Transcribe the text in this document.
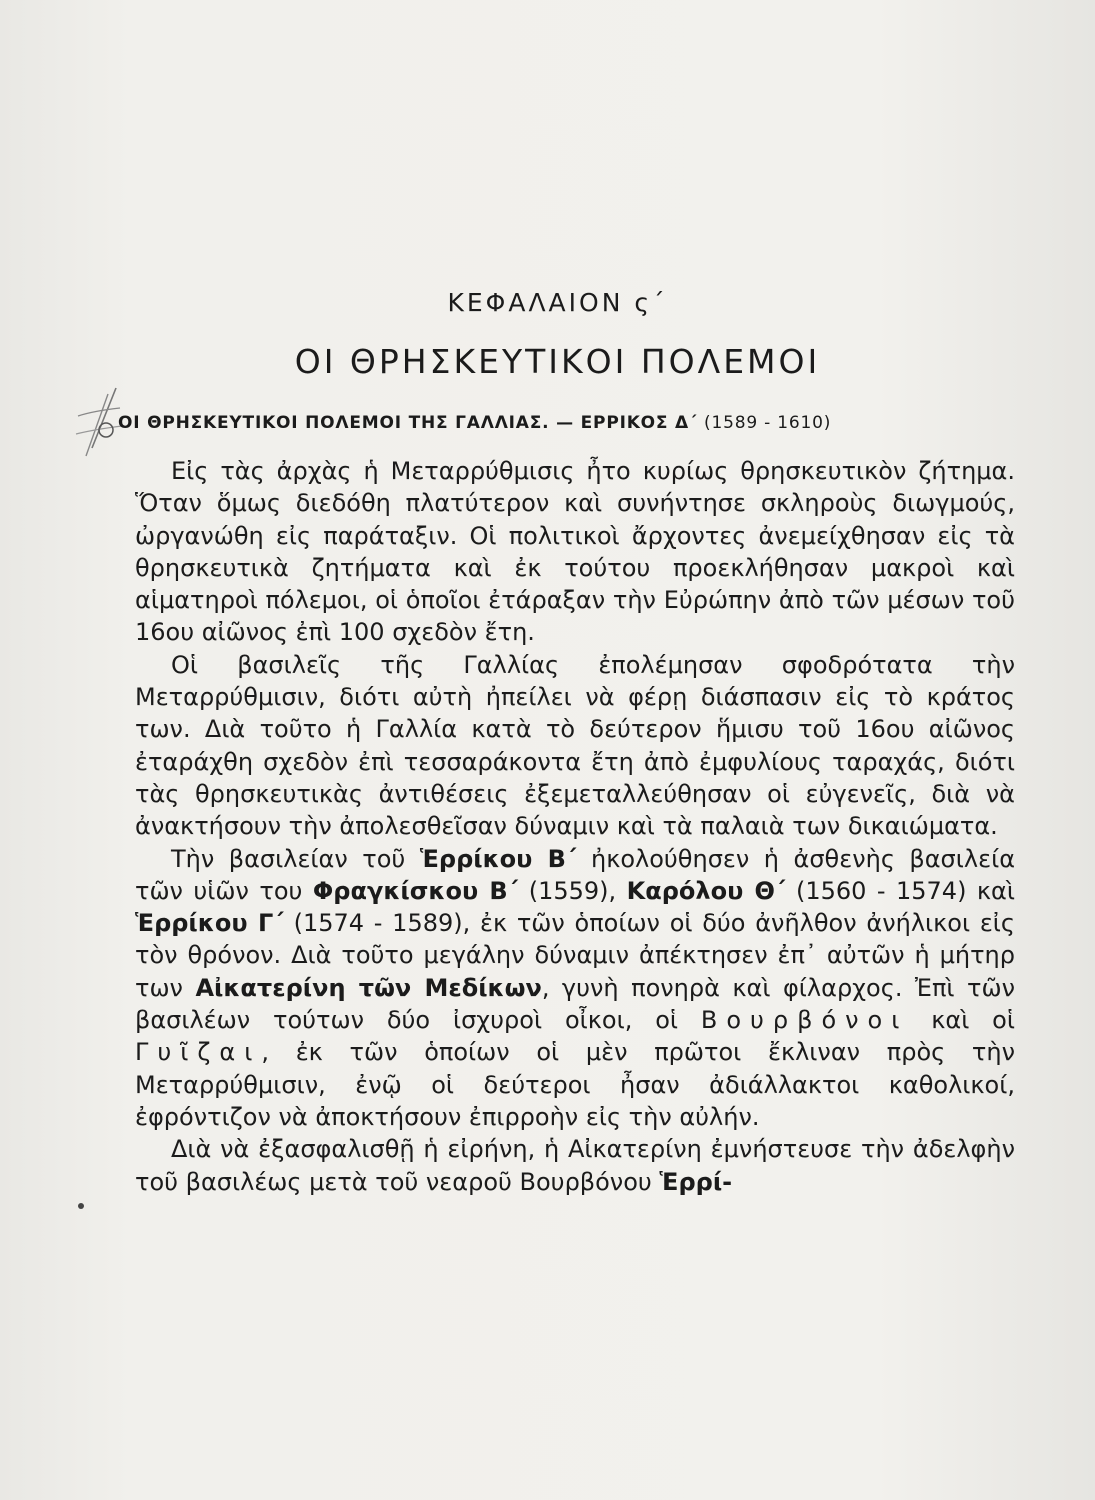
ΚΕΦΑΛΑΙΟΝ ς΄
ΟΙ ΘΡΗΣΚΕΥΤΙΚΟΙ ΠΟΛΕΜΟΙ
ΟΙ ΘΡΗΣΚΕΥΤΙΚΟΙ ΠΟΛΕΜΟΙ ΤΗΣ ΓΑΛΛΙΑΣ. — ΕΡΡΙΚΟΣ Δ΄ (1589 - 1610)

Εἰς τὰς ἀρχὰς ἡ Μεταρρύθμισις ἦτο κυρίως θρησκευτικὸν ζήτημα. Ὅταν ὅμως διεδόθη πλατύτερον καὶ συνήντησε σκληροὺς διωγμούς, ὠργανώθη εἰς παράταξιν. Οἱ πολιτικοὶ ἄρχοντες ἀνεμείχθησαν εἰς τὰ θρησκευτικὰ ζητήματα καὶ ἐκ τούτου προεκλήθησαν μακροὶ καὶ αἱματηροὶ πόλεμοι, οἱ ὁποῖοι ἐτάραξαν τὴν Εὐρώπην ἀπὸ τῶν μέσων τοῦ 16ου αἰῶνος ἐπὶ 100 σχεδὸν ἔτη.

Οἱ βασιλεῖς τῆς Γαλλίας ἐπολέμησαν σφοδρότατα τὴν Μεταρρύθμισιν, διότι αὐτὴ ἠπείλει νὰ φέρῃ διάσπασιν εἰς τὸ κράτος των. Διὰ τοῦτο ἡ Γαλλία κατὰ τὸ δεύτερον ἥμισυ τοῦ 16ου αἰῶνος ἐταράχθη σχεδὸν ἐπὶ τεσσαράκοντα ἔτη ἀπὸ ἐμφυλίους ταραχάς, διότι τὰς θρησκευτικὰς ἀντιθέσεις ἐξεμεταλλεύθησαν οἱ εὐγενεῖς, διὰ νὰ ἀνακτήσουν τὴν ἀπολεσθεῖσαν δύναμιν καὶ τὰ παλαιὰ των δικαιώματα.

Τὴν βασιλείαν τοῦ Ἑρρίκου Β΄ ἠκολούθησεν ἡ ἀσθενὴς βασιλεία τῶν υἱῶν του Φραγκίσκου Β΄ (1559), Καρόλου Θ΄ (1560 - 1574) καὶ Ἑρρίκου Γ΄ (1574 - 1589), ἐκ τῶν ὁποίων οἱ δύο ἀνῆλθον ἀνήλικοι εἰς τὸν θρόνον. Διὰ τοῦτο μεγάλην δύναμιν ἀπέκτησεν ἐπ᾿ αὐτῶν ἡ μήτηρ των Αἰκατερίνη τῶν Μεδίκων, γυνὴ πονηρὰ καὶ φίλαρχος. Ἐπὶ τῶν βασιλέων τούτων δύο ἰσχυροὶ οἶκοι, οἱ Βουρβόνοι καὶ οἱ Γυῖζαι, ἐκ τῶν ὁποίων οἱ μὲν πρῶτοι ἔκλιναν πρὸς τὴν Μεταρρύθμισιν, ἐνῷ οἱ δεύτεροι ἦσαν ἀδιάλλακτοι καθολικοί, ἐφρόντιζον νὰ ἀποκτήσουν ἐπιρροὴν εἰς τὴν αὐλήν.

Διὰ νὰ ἐξασφαλισθῇ ἡ εἰρήνη, ἡ Αἰκατερίνη ἐμνήστευσε τὴν ἀδελφὴν τοῦ βασιλέως μετὰ τοῦ νεαροῦ Βουρβόνου Ἑρρί-
